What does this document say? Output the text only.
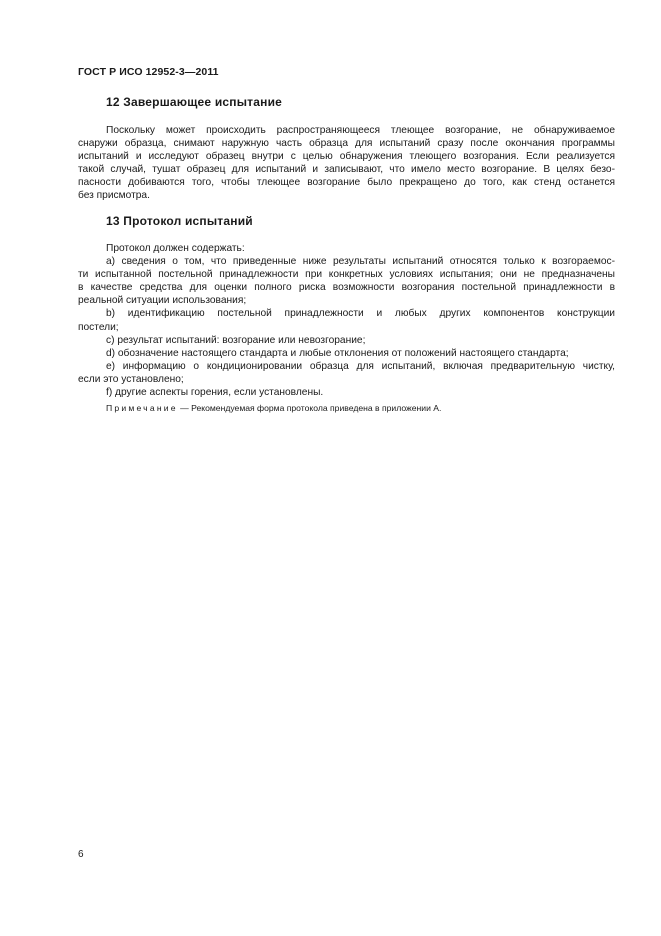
ГОСТ Р ИСО 12952-3—2011
12 Завершающее испытание
Поскольку может происходить распространяющееся тлеющее возгорание, не обнаруживаемое
снаружи образца, снимают наружную часть образца для испытаний сразу после окончания программы
испытаний и исследуют образец внутри с целью обнаружения тлеющего возгорания. Если реализуется
такой случай, тушат образец для испытаний и записывают, что имело место возгорание. В целях безо-
пасности добиваются того, чтобы тлеющее возгорание было прекращено до того, как стенд останется
без присмотра.
13 Протокол испытаний
Протокол должен содержать:
а) сведения о том, что приведенные ниже результаты испытаний относятся только к возгораемос-
ти испытанной постельной принадлежности при конкретных условиях испытания; они не предназначены
в качестве средства для оценки полного риска возможности возгорания постельной принадлежности в
реальной ситуации использования;
b) идентификацию постельной принадлежности и любых других компонентов конструкции
постели;
c) результат испытаний: возгорание или невозгорание;
d) обозначение настоящего стандарта и любые отклонения от положений настоящего стандарта;
е) информацию о кондиционировании образца для испытаний, включая предварительную чистку,
если это установлено;
f) другие аспекты горения, если установлены.
Примечание — Рекомендуемая форма протокола приведена в приложении А.
6
